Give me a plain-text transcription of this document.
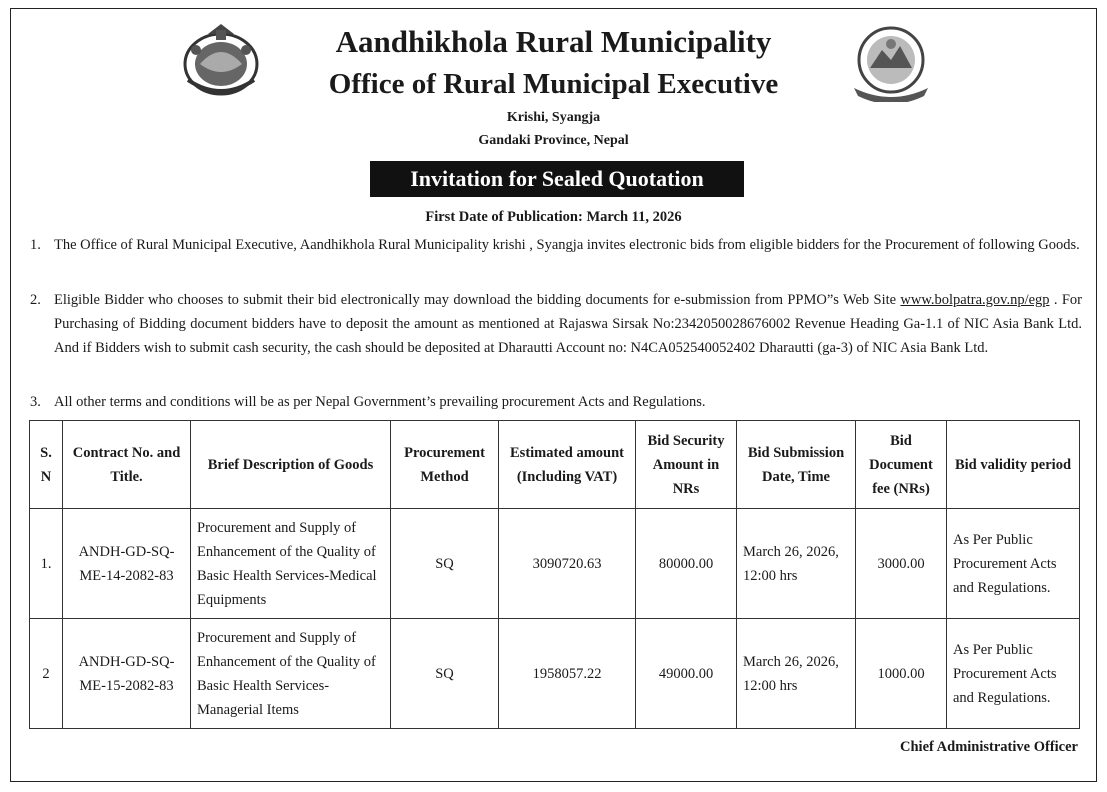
Aandhikhola Rural Municipality
Office of Rural Municipal Executive
Krishi, Syangja
Gandaki Province, Nepal
Invitation for Sealed Quotation
First Date of Publication: March 11, 2026
1. The Office of Rural Municipal Executive, Aandhikhola Rural Municipality krishi , Syangja invites electronic bids from eligible bidders for the Procurement of following Goods.
2. Eligible Bidder who chooses to submit their bid electronically may download the bidding documents for e-submission from PPMO”s Web Site www.bolpatra.gov.np/egp . For Purchasing of Bidding document bidders have to deposit the amount as mentioned at Rajaswa Sirsak No:2342050028676002 Revenue Heading Ga-1.1 of NIC Asia Bank Ltd. And if Bidders wish to submit cash security, the cash should be deposited at Dharautti Account no: N4CA052540052402 Dharautti (ga-3) of NIC Asia Bank Ltd.
3. All other terms and conditions will be as per Nepal Government’s prevailing procurement Acts and Regulations.
S. N	Contract No. and Title.	Brief Description of Goods	Procurement Method	Estimated amount (Including VAT)	Bid Security Amount in NRs	Bid Submission Date, Time	Bid Document fee (NRs)	Bid validity period
1.	ANDH-GD-SQ-ME-14-2082-83	Procurement and Supply of Enhancement of the Quality of Basic Health Services-Medical Equipments	SQ	3090720.63	80000.00	March 26, 2026, 12:00 hrs	3000.00	As Per Public Procurement Acts and Regulations.
2	ANDH-GD-SQ-ME-15-2082-83	Procurement and Supply of Enhancement of the Quality of Basic Health Services-Managerial Items	SQ	1958057.22	49000.00	March 26, 2026, 12:00 hrs	1000.00	As Per Public Procurement Acts and Regulations.
Chief Administrative Officer
